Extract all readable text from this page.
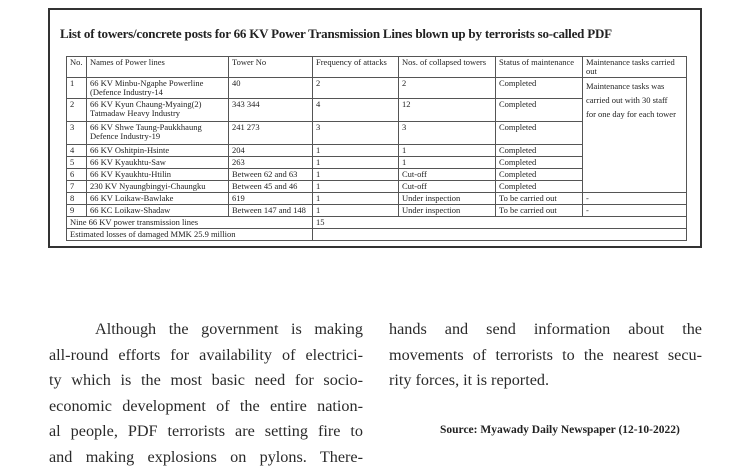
List of towers/concrete posts for 66 KV Power Transmission Lines blown up by terrorists so-called PDF
No.	Names of Power lines	Tower No	Frequency of attacks	Nos. of collapsed towers	Status of maintenance	Maintenance tasks carried out
1	66 KV Minbu-Ngaphe Powerline (Defence Industry-14	40	2	2	Completed	Maintenance tasks was
carried out with 30 staff
for one day for each tower

2	66 KV Kyun Chaung-Myaing(2) Tatmadaw Heavy Industry	343 344	4	12	Completed	
3	66 KV Shwe Taung-Paukkhaung Defence Industry-19	241 273	3	3	Completed	
4	66 KV Oshitpin-Hsinte	204	1	1	Completed	
5	66 KV Kyaukhtu-Saw	263	1	1	Completed	
6	66 KV Kyaukhtu-Htilin	Between 62 and 63	1	Cut-off	Completed	
7	230 KV Nyaungbingyi-Chaungku	Between 45 and 46	1	Cut-off	Completed	
8	66 KV Loikaw-Bawlake	619	1	Under inspection	To be carried out	-
9	66 KC Loikaw-Shadaw	Between 147 and 148	1	Under inspection	To be carried out	-
Nine 66 KV power transmission lines			15			
Estimated losses of damaged MMK 25.9 million						
Although the government is making
all-round efforts for availability of electrici-
ty which is the most basic need for socio-
economic development of the entire nation-
al people, PDF terrorists are setting fire to
and making explosions on pylons. There-
hands and send information about the
movements of terrorists to the nearest secu-
rity forces, it is reported.
Source: Myawady Daily Newspaper (12-10-2022)
